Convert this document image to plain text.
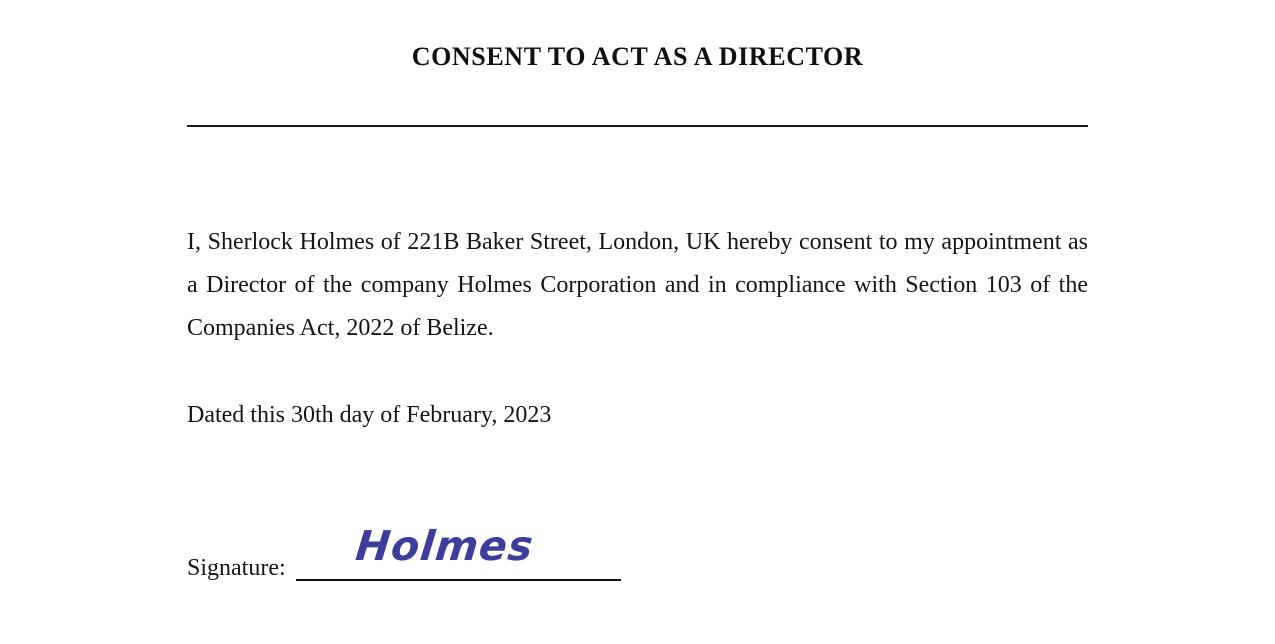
CONSENT TO ACT AS A DIRECTOR
I, Sherlock Holmes of 221B Baker Street, London, UK hereby consent to my appointment as a Director of the company Holmes Corporation and in compliance with Section 103 of the Companies Act, 2022 of Belize.
Dated this 30th day of February, 2023
Signature:	Holmes
